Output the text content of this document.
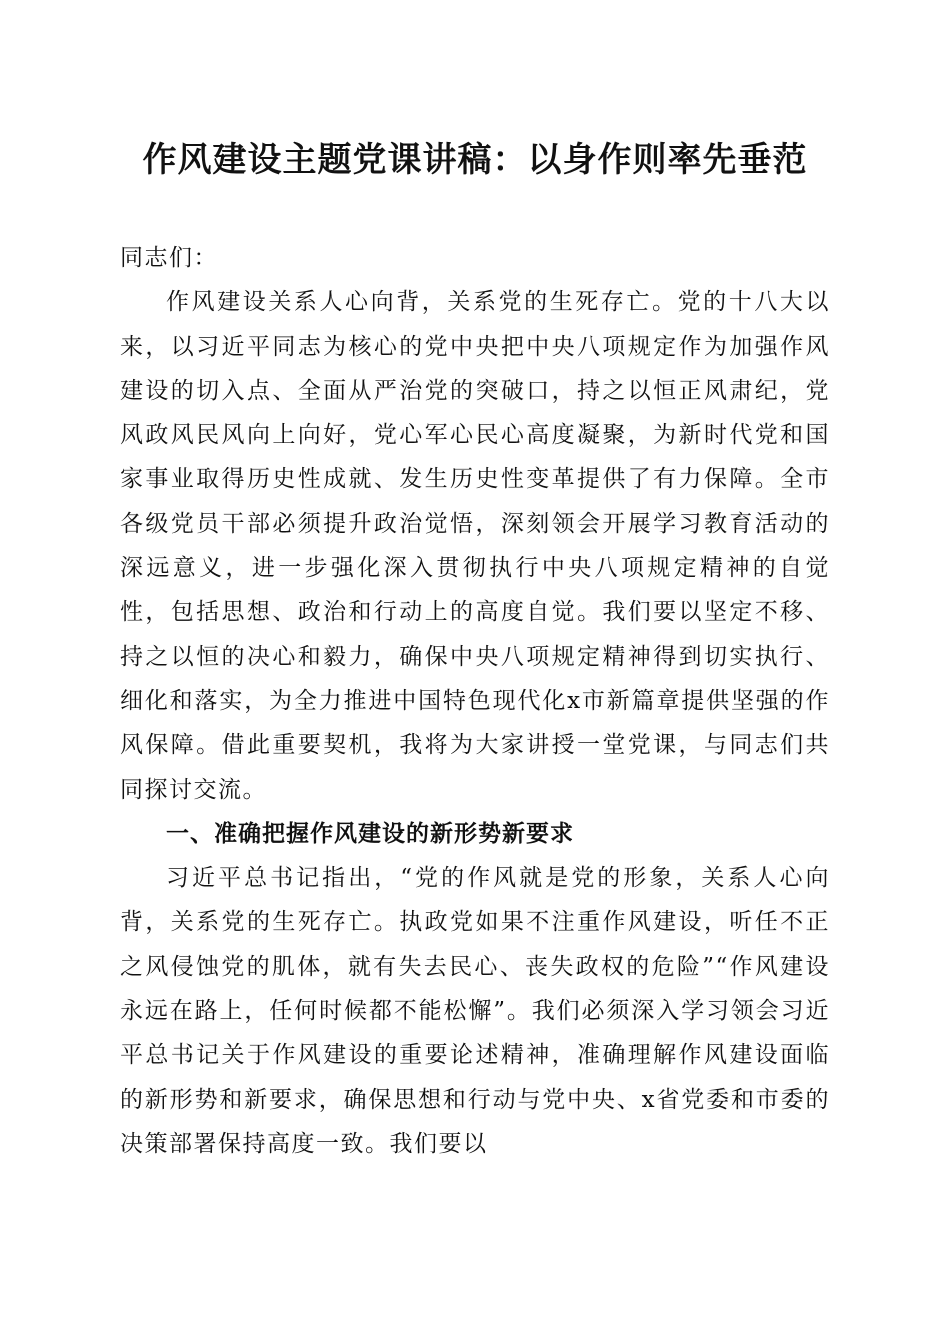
作风建设主题党课讲稿：以身作则率先垂范

同志们：

作风建设关系人心向背，关系党的生死存亡。党的十八大以来，以习近平同志为核心的党中央把中央八项规定作为加强作风建设的切入点、全面从严治党的突破口，持之以恒正风肃纪，党风政风民风向上向好，党心军心民心高度凝聚，为新时代党和国家事业取得历史性成就、发生历史性变革提供了有力保障。全市各级党员干部必须提升政治觉悟，深刻领会开展学习教育活动的深远意义，进一步强化深入贯彻执行中央八项规定精神的自觉性，包括思想、政治和行动上的高度自觉。我们要以坚定不移、持之以恒的决心和毅力，确保中央八项规定精神得到切实执行、细化和落实，为全力推进中国特色现代化x市新篇章提供坚强的作风保障。借此重要契机，我将为大家讲授一堂党课，与同志们共同探讨交流。

一、准确把握作风建设的新形势新要求

习近平总书记指出，“党的作风就是党的形象，关系人心向背，关系党的生死存亡。执政党如果不注重作风建设，听任不正之风侵蚀党的肌体，就有失去民心、丧失政权的危险”“作风建设永远在路上，任何时候都不能松懈”。我们必须深入学习领会习近平总书记关于作风建设的重要论述精神，准确理解作风建设面临的新形势和新要求，确保思想和行动与党中央、x省党委和市委的决策部署保持高度一致。我们要以
